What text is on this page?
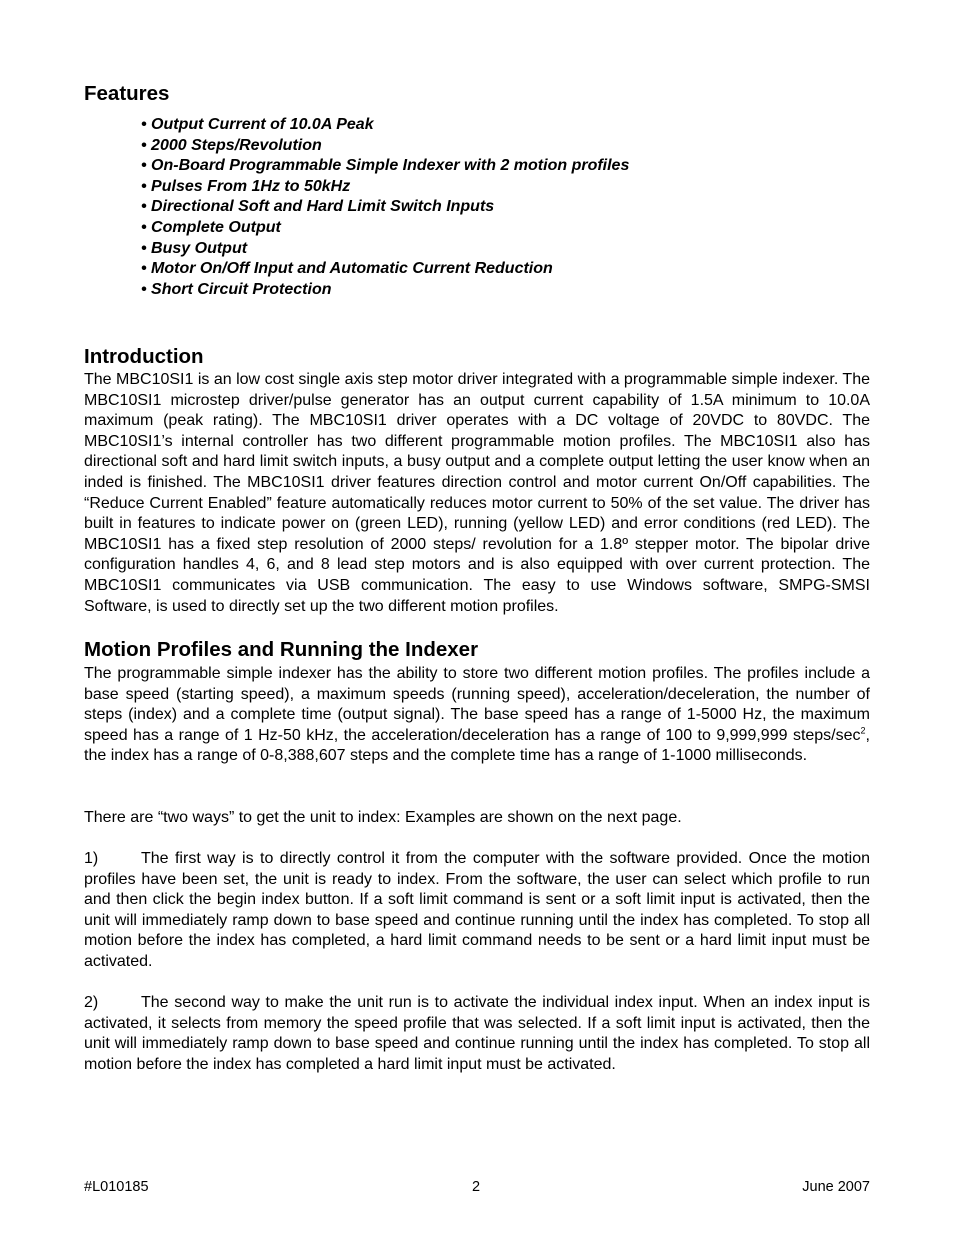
Features
• Output Current of 10.0A Peak
• 2000 Steps/Revolution
• On-Board Programmable Simple Indexer with 2 motion profiles
• Pulses From 1Hz to 50kHz
• Directional Soft and Hard Limit Switch Inputs
• Complete Output
• Busy Output
• Motor On/Off Input and Automatic Current Reduction
• Short Circuit Protection
Introduction

The MBC10SI1 is an low cost single axis step motor driver integrated with a programmable simple indexer. The MBC10SI1 microstep driver/pulse generator has an output current capability of 1.5A minimum to 10.0A maximum (peak rating). The MBC10SI1 driver operates with a DC voltage of 20VDC to 80VDC. The MBC10SI1’s internal controller has two different programmable motion profiles. The MBC10SI1 also has directional soft and hard limit switch inputs, a busy output and a complete output letting the user know when an inded is finished. The MBC10SI1 driver features direction control and motor current On/Off capabilities. The “Reduce Current Enabled” feature automatically reduces motor current to 50% of the set value. The driver has built in features to indicate power on (green LED), running (yellow LED) and error conditions (red LED). The MBC10SI1 has a fixed step resolution of 2000 steps/ revolution for a 1.8º stepper motor. The bipolar drive configuration handles 4, 6, and 8 lead step motors and is also equipped with over current protection. The MBC10SI1 communicates via USB communication. The easy to use Windows software, SMPG-SMSI Software, is used to directly set up the two different motion profiles.

Motion Profiles and Running the Indexer

The programmable simple indexer has the ability to store two different motion profiles. The profiles include a base speed (starting speed), a maximum speeds (running speed), acceleration/deceleration, the number of steps (index) and a complete time (output signal). The base speed has a range of 1-5000 Hz, the maximum speed has a range of 1 Hz-50 kHz, the acceleration/deceleration has a range of 100 to 9,999,999 steps/$\sec^2$, the index has a range of 0-8,388,607 steps and the complete time has a range of 1-1000 milliseconds.

There are “two ways” to get the unit to index: Examples are shown on the next page.

1)	The first way is to directly control it from the computer with the software provided. Once the motion profiles have been set, the unit is ready to index. From the software, the user can select which profile to run and then click the begin index button. If a soft limit command is sent or a soft limit input is activated, then the unit will immediately ramp down to base speed and continue running until the index has completed. To stop all motion before the index has completed, a hard limit command needs to be sent or a hard limit input must be activated.

2)	The second way to make the unit run is to activate the individual index input. When an index input is activated, it selects from memory the speed profile that was selected. If a soft limit input is activated, then the unit will immediately ramp down to base speed and continue running until the index has completed. To stop all motion before the index has completed a hard limit input must be activated.

#L010185	2	June 2007
